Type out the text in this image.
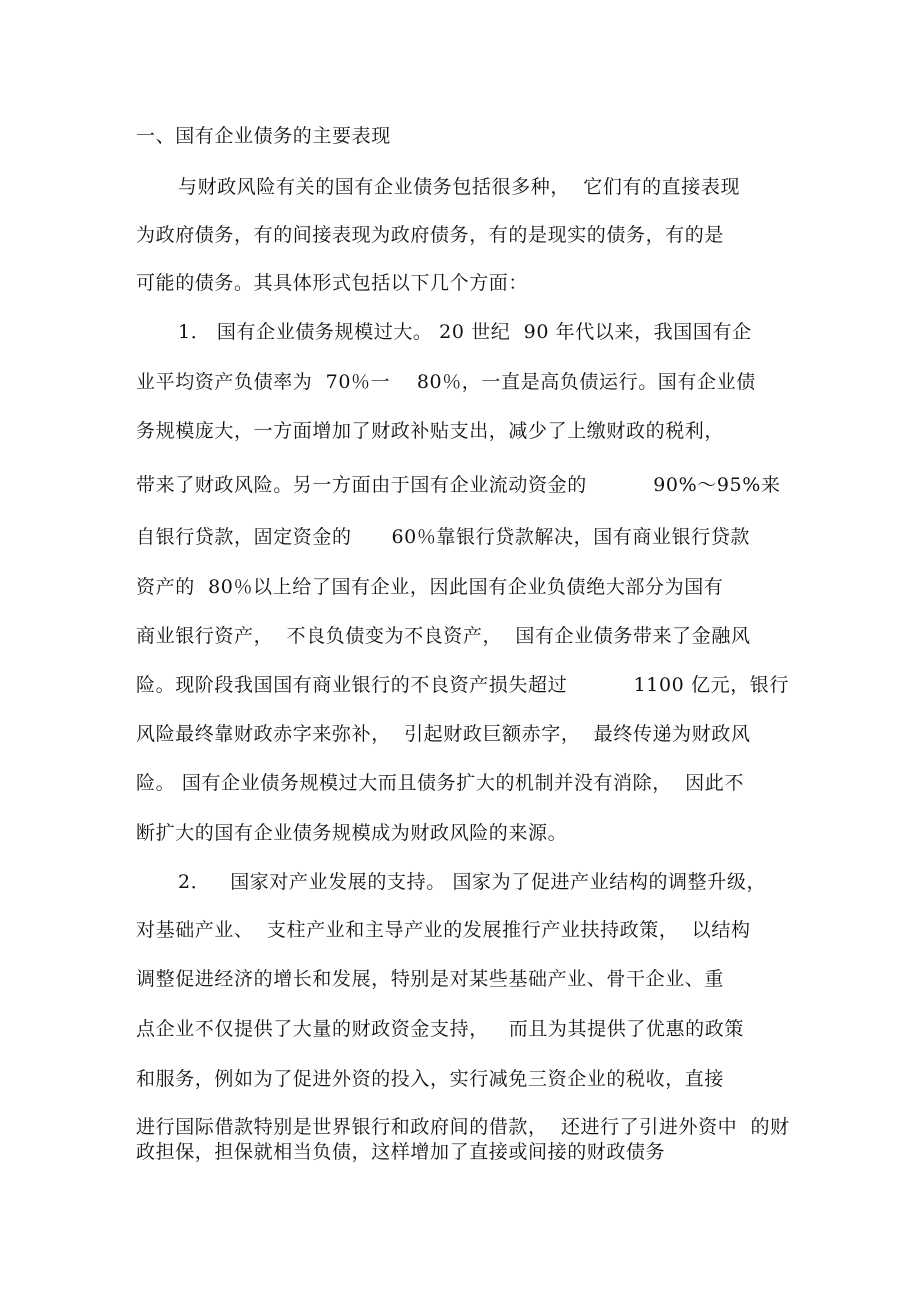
一、国有企业债务的主要表现
与财政风险有关的国有企业债务包括很多种，  它们有的直接表现
为政府债务，有的间接表现为政府债务，有的是现实的债务，有的是
可能的债务。其具体形式包括以下几个方面：
1． 国有企业债务规模过大。 20 世纪  90 年代以来，我国国有企
业平均资产负债率为  70％一    80％，一直是高负债运行。国有企业债
务规模庞大，一方面增加了财政补贴支出，减少了上缴财政的税利，
带来了财政风险。另一方面由于国有企业流动资金的          90%～95%来
自银行贷款，固定资金的      60％靠银行贷款解决，国有商业银行贷款
资产的  80％以上给了国有企业，因此国有企业负债绝大部分为国有
商业银行资产，  不良负债变为不良资产，  国有企业债务带来了金融风
险。现阶段我国国有商业银行的不良资产损失超过          1100 亿元，银行
风险最终靠财政赤字来弥补，  引起财政巨额赤字，  最终传递为财政风
险。 国有企业债务规模过大而且债务扩大的机制并没有消除，  因此不
断扩大的国有企业债务规模成为财政风险的来源。
2．   国家对产业发展的支持。 国家为了促进产业结构的调整升级，
对基础产业、  支柱产业和主导产业的发展推行产业扶持政策，  以结构
调整促进经济的增长和发展，特别是对某些基础产业、骨干企业、重
点企业不仅提供了大量的财政资金支持，   而且为其提供了优惠的政策
和服务，例如为了促进外资的投入，实行减免三资企业的税收，直接
进行国际借款特别是世界银行和政府间的借款，  还进行了引进外资中  的财
政担保，担保就相当负债，这样增加了直接或间接的财政债务
